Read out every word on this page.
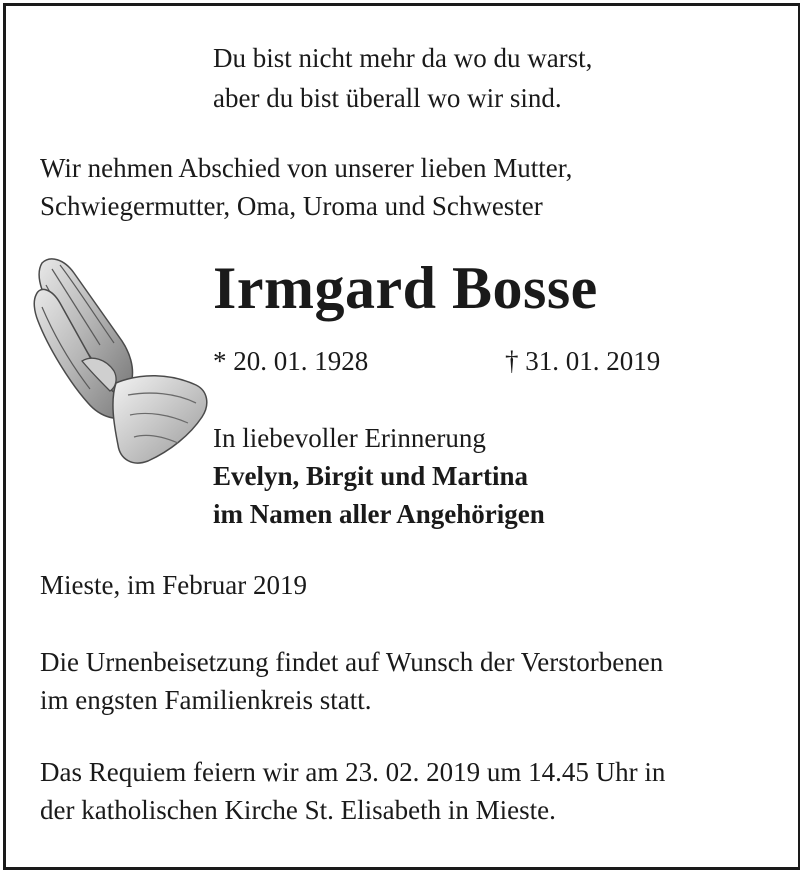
Du bist nicht mehr da wo du warst,
aber du bist überall wo wir sind.
Wir nehmen Abschied von unserer lieben Mutter,
Schwiegermutter, Oma, Uroma und Schwester
Irmgard Bosse
* 20. 01. 1928	† 31. 01. 2019
In liebevoller Erinnerung
Evelyn, Birgit und Martina
im Namen aller Angehörigen
Mieste, im Februar 2019
Die Urnenbeisetzung findet auf Wunsch der Verstorbenen
im engsten Familienkreis statt.
Das Requiem feiern wir am 23. 02. 2019 um 14.45 Uhr in
der katholischen Kirche St. Elisabeth in Mieste.
